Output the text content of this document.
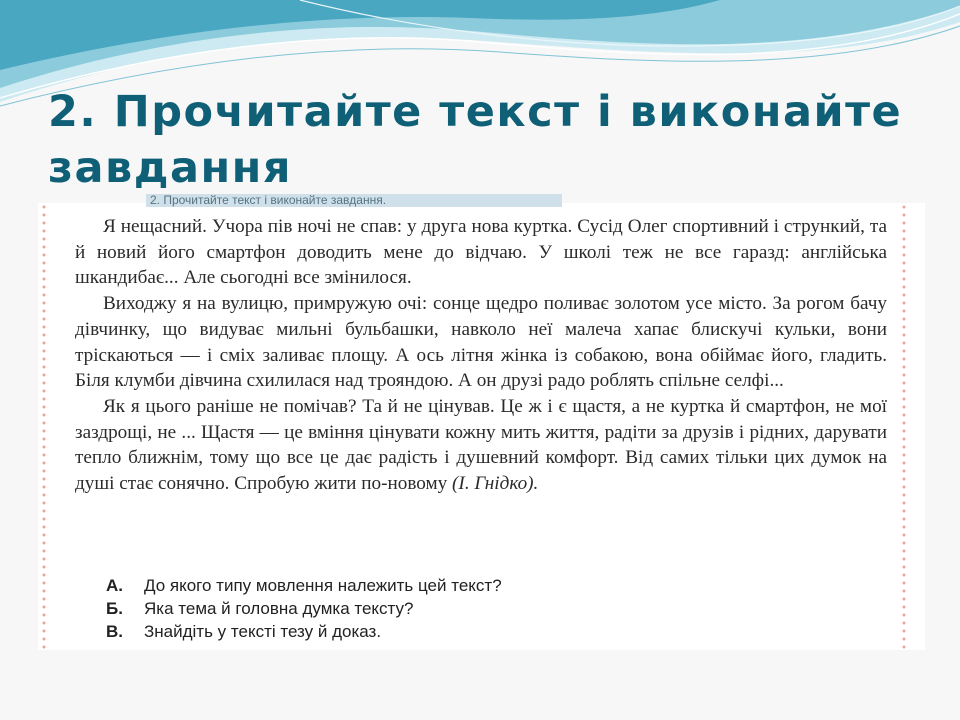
2. Прочитайте текст і виконайте завдання
2. Прочитайте текст і виконайте завдання.

Я нещасний. Учора пів ночі не спав: у друга нова куртка. Сусід Олег спортивний і стрункий, та й новий його смартфон доводить мене до відчаю. У школі теж не все гаразд: англійська шкандибає... Але сьогодні все змінилося.

Виходжу я на вулицю, примружую очі: сонце щедро поливає золотом усе місто. За рогом бачу дівчинку, що видуває мильні бульбашки, навколо неї малеча хапає блискучі кульки, вони тріскаються — і сміх заливає площу. А ось літня жінка із собакою, вона обіймає його, гладить. Біля клумби дівчина схилилася над трояндою. А он друзі радо роблять спільне селфі...

Як я цього раніше не помічав? Та й не цінував. Це ж і є щастя, а не куртка й смартфон, не мої заздрощі, не ... Щастя — це вміння цінувати кожну мить життя, радіти за друзів і рідних, дарувати тепло ближнім, тому що все це дає радість і душевний комфорт. Від самих тільки цих думок на душі стає сонячно. Спробую жити по-новому (І. Гнідко).

А.	До якого типу мовлення належить цей текст?
Б.	Яка тема й головна думка тексту?
В.	Знайдіть у тексті тезу й доказ.
